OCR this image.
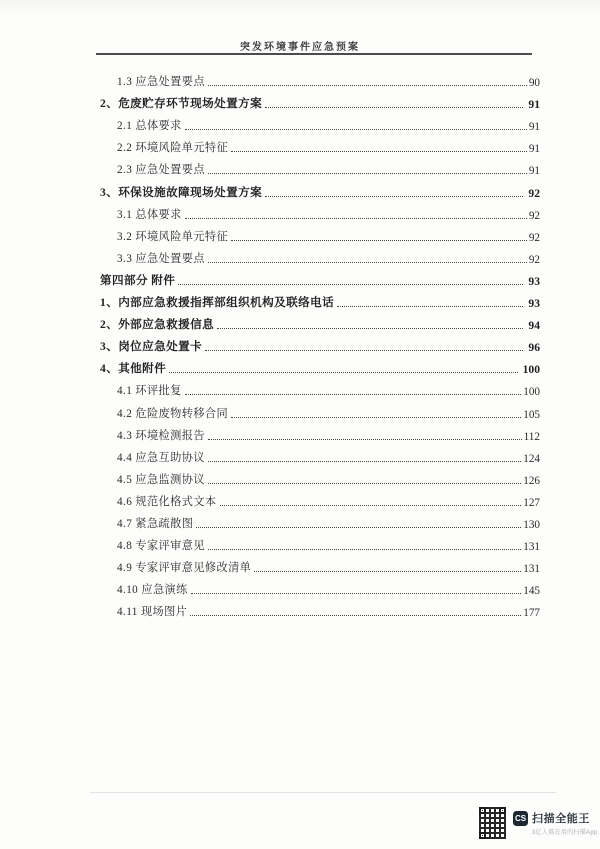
突发环境事件应急预案
1.3 应急处置要点	90
2、危废贮存环节现场处置方案	91
2.1 总体要求	91
2.2 环境风险单元特征	91
2.3 应急处置要点	91
3、环保设施故障现场处置方案	92
3.1 总体要求	92
3.2 环境风险单元特征	92
3.3 应急处置要点	92
第四部分 附件	93
1、内部应急救援指挥部组织机构及联络电话	93
2、外部应急救援信息	94
3、岗位应急处置卡	96
4、其他附件	100
4.1 环评批复	100
4.2 危险废物转移合同	105
4.3 环境检测报告	112
4.4 应急互助协议	124
4.5 应急监测协议	126
4.6 规范化格式文本	127
4.7 紧急疏散图	130
4.8 专家评审意见	131
4.9 专家评审意见修改清单	131
4.10 应急演练	145
4.11 现场图片	177
CS 扫描全能王
3亿人都在用的扫描App
